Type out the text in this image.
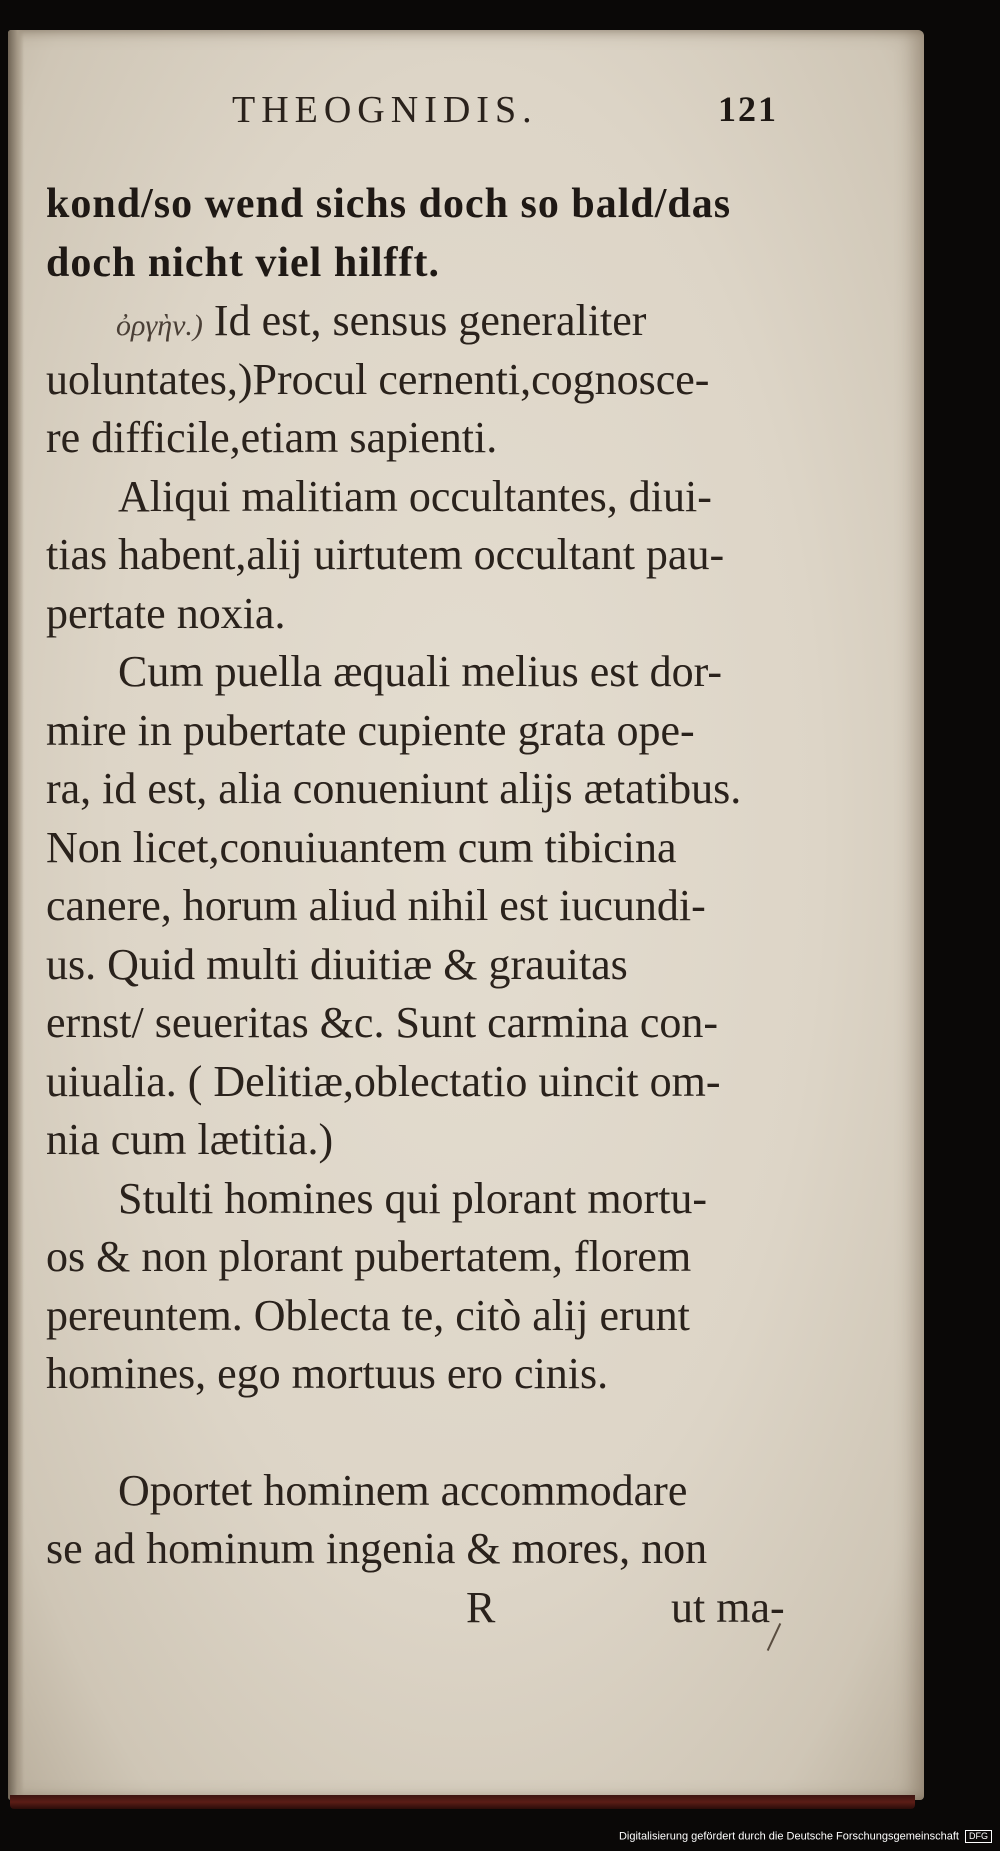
THEOGNIDIS.	121
kond/so wend sichs doch so bald/das
doch nicht viel hilfft.
ὀργὴν.) Id est, sensus generaliter
uoluntates,)Procul cernenti,cognosce-
re difficile,etiam sapienti.
Aliqui malitiam occultantes, diui-
tias habent,alij uirtutem occultant pau-
pertate noxia.
Cum puella æquali melius est dor-
mire in pubertate cupiente grata ope-
ra, id est, alia conueniunt alijs ætatibus.
Non licet,conuiuantem cum tibicina
canere, horum aliud nihil est iucundi-
us. Quid multi diuitiæ & grauitas
ernst/ seueritas &c. Sunt carmina con-
uiualia. ( Delitiæ,oblectatio uincit om-
nia cum lætitia.)
Stulti homines qui plorant mortu-
os & non plorant pubertatem, florem
pereuntem. Oblecta te, citò alij erunt
homines, ego mortuus ero cinis.
Oportet hominem accommodare
se ad hominum ingenia & mores, non
R	ut ma-
Digitalisierung gefördert durch die Deutsche Forschungsgemeinschaft DFG
